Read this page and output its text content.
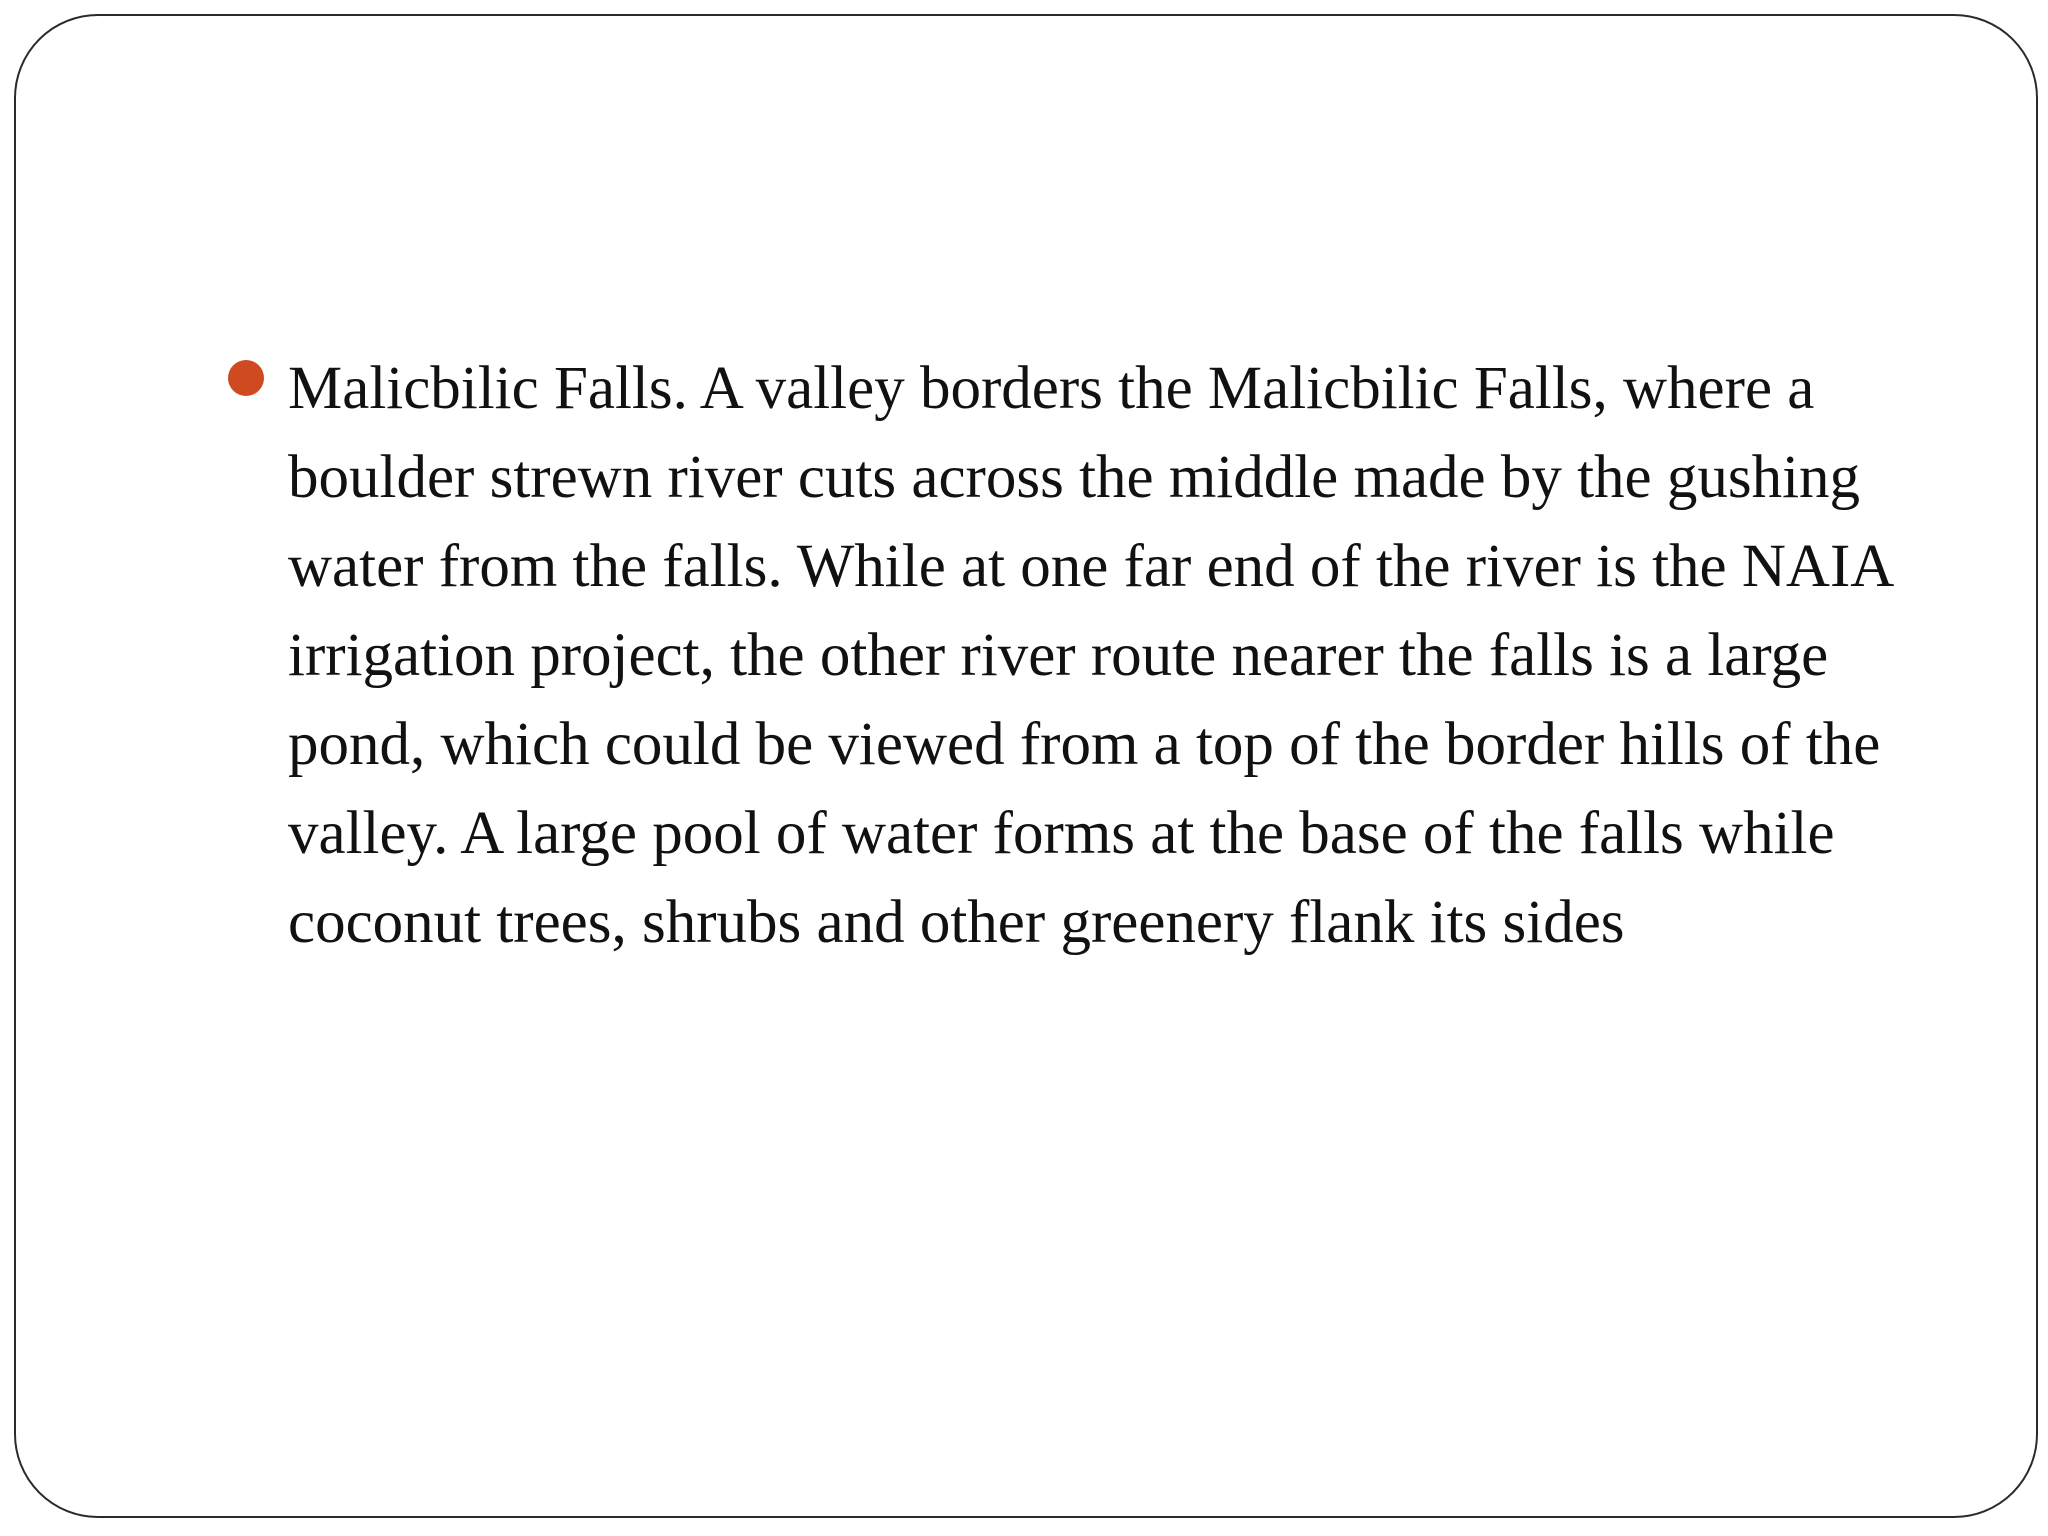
Malicbilic Falls. A valley borders the Malicbilic Falls, where a boulder strewn river cuts across the middle made by the gushing water from the falls. While at one far end of the river is the NAIA irrigation project, the other river route nearer the falls is a large pond, which could be viewed from a top of the border hills of the valley. A large pool of water forms at the base of the falls while  coconut trees, shrubs and other greenery flank its sides
